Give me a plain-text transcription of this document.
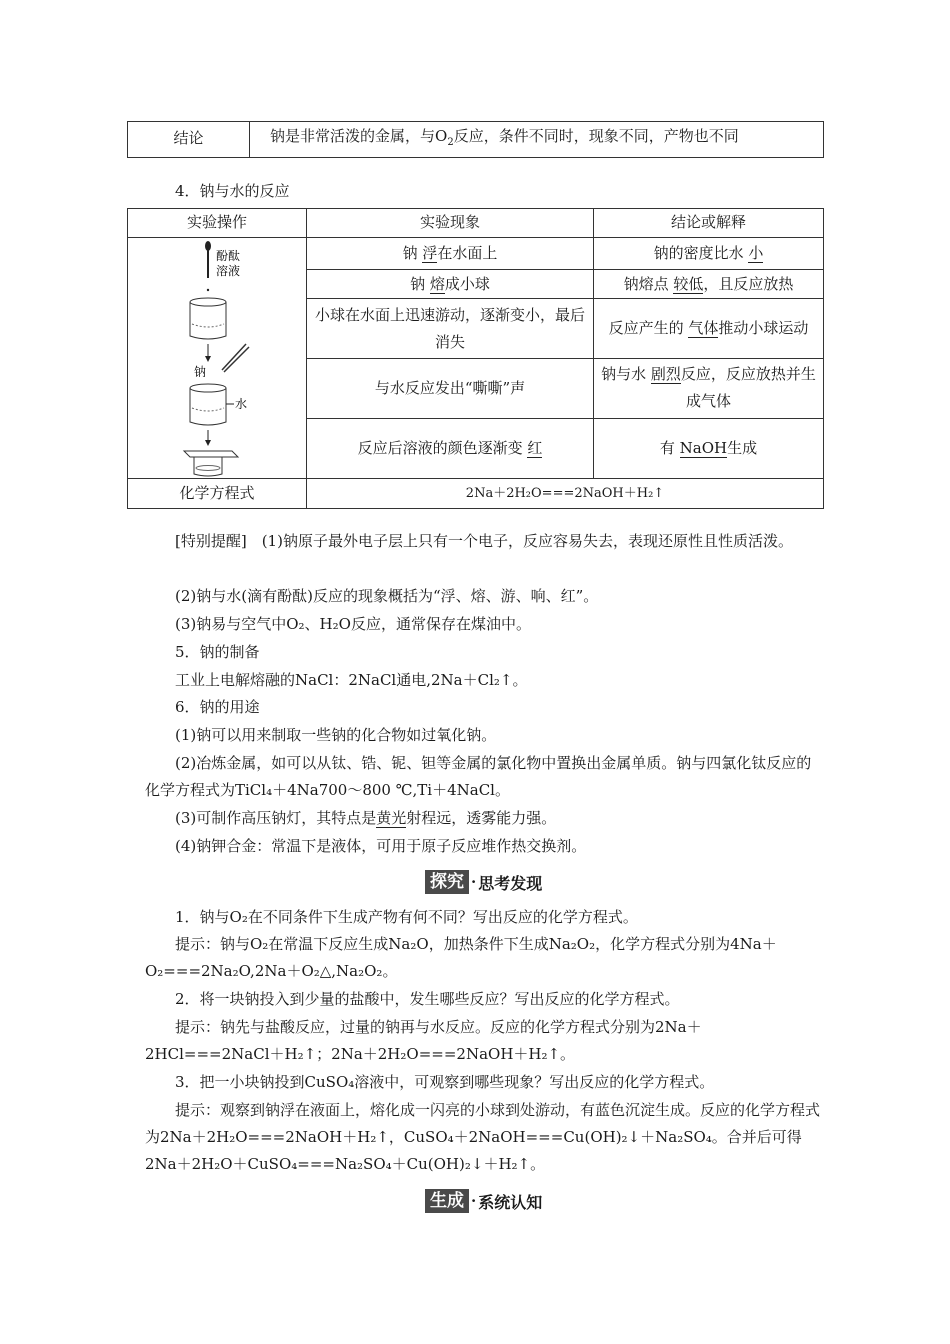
结论	钠是非常活泼的金属，与$O_2$反应，条件不同时，现象不同，产物也不同
4．钠与水的反应
实验操作	实验现象	结论或解释

酚酞
溶液
钠
水	钠 浮在水面上	钠的密度比水 小
	钠 熔成小球	钠熔点 较低，且反应放热
	小球在水面上迅速游动，逐渐变小，最后消失	反应产生的 气体推动小球运动
	与水反应发出“嘶嘶”声	钠与水 剧烈反应，反应放热并生成气体
	反应后溶液的颜色逐渐变 红	有 NaOH生成
化学方程式	2Na＋2H₂O===2NaOH＋H₂↑	
[特别提醒]　(1)钠原子最外电子层上只有一个电子，反应容易失去，表现还原性且性质活泼。
(2)钠与水(滴有酚酞)反应的现象概括为“浮、熔、游、响、红”。
(3)钠易与空气中O₂、H₂O反应，通常保存在煤油中。
5．钠的制备
工业上电解熔融的NaCl：2NaCl通电,2Na＋Cl₂↑。
6．钠的用途
(1)钠可以用来制取一些钠的化合物如过氧化钠。
(2)冶炼金属，如可以从钛、锆、铌、钽等金属的氯化物中置换出金属单质。钠与四氯化钛反应的化学方程式为TiCl₄＋4Na700～800 ℃,Ti＋4NaCl。
(3)可制作高压钠灯，其特点是黄光射程远，透雾能力强。
(4)钠钾合金：常温下是液体，可用于原子反应堆作热交换剂。
探究 · 思考发现
1．钠与O₂在不同条件下生成产物有何不同？写出反应的化学方程式。
提示：钠与O₂在常温下反应生成Na₂O，加热条件下生成Na₂O₂，化学方程式分别为4Na＋O₂===2Na₂O,2Na＋O₂△,Na₂O₂。
2．将一块钠投入到少量的盐酸中，发生哪些反应？写出反应的化学方程式。
提示：钠先与盐酸反应，过量的钠再与水反应。反应的化学方程式分别为2Na＋2HCl===2NaCl＋H₂↑；2Na＋2H₂O===2NaOH＋H₂↑。
3．把一小块钠投到CuSO₄溶液中，可观察到哪些现象？写出反应的化学方程式。
提示：观察到钠浮在液面上，熔化成一闪亮的小球到处游动，有蓝色沉淀生成。反应的化学方程式为2Na＋2H₂O===2NaOH＋H₂↑，CuSO₄＋2NaOH===Cu(OH)₂↓＋Na₂SO₄。合并后可得2Na＋2H₂O＋CuSO₄===Na₂SO₄＋Cu(OH)₂↓＋H₂↑。
生成 · 系统认知
